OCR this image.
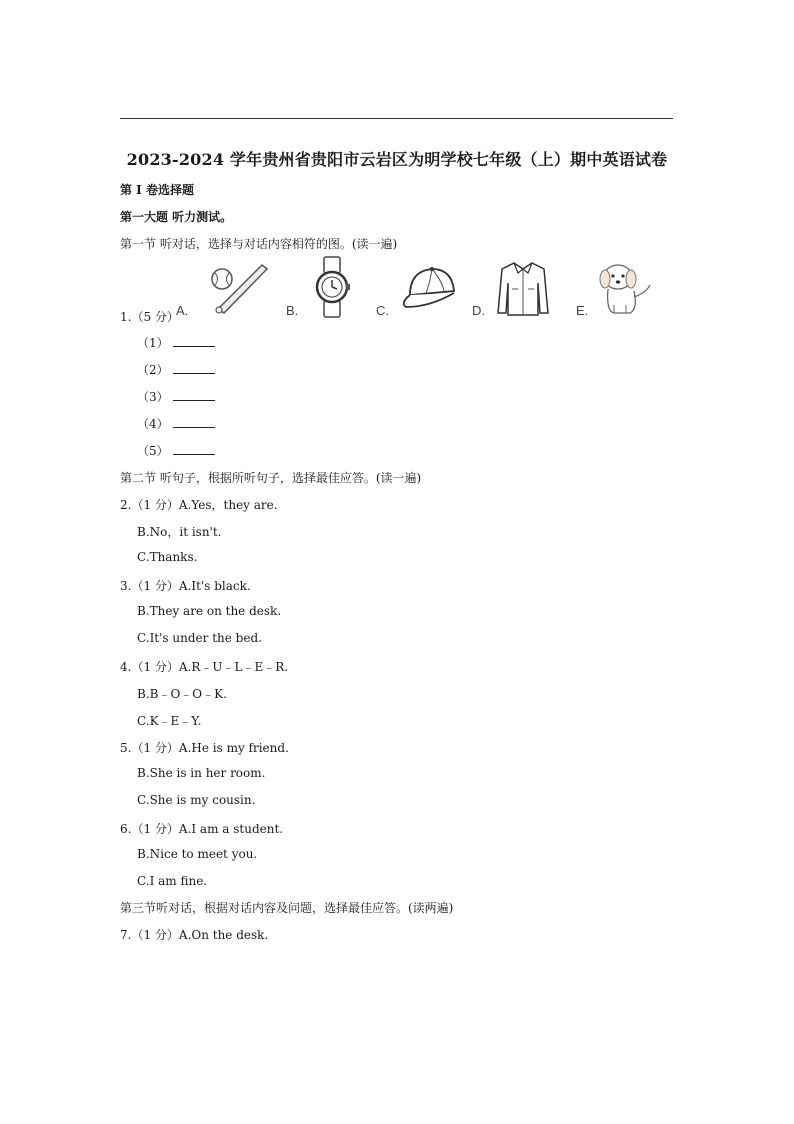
2023-2024 学年贵州省贵阳市云岩区为明学校七年级（上）期中英语试卷
第 I 卷选择题
第一大题 听力测试。
第一节 听对话，选择与对话内容相符的图。(读一遍)
1.（5 分）
A.	B.	C.	D.	E.
（1）
（2）
（3）
（4）
（5）
第二节 听句子，根据所听句子，选择最佳应答。(读一遍)
2.（1 分）A.Yes，they are.
B.No，it isn't.
C.Thanks.
3.（1 分）A.It's black.
B.They are on the desk.
C.It's under the bed.
4.（1 分）A.R﹣U﹣L﹣E﹣R.
B.B﹣O﹣O﹣K.
C.K﹣E﹣Y.
5.（1 分）A.He is my friend.
B.She is in her room.
C.She is my cousin.
6.（1 分）A.I am a student.
B.Nice to meet you.
C.I am fine.
第三节听对话，根据对话内容及问题，选择最佳应答。(读两遍)
7.（1 分）A.On the desk.
